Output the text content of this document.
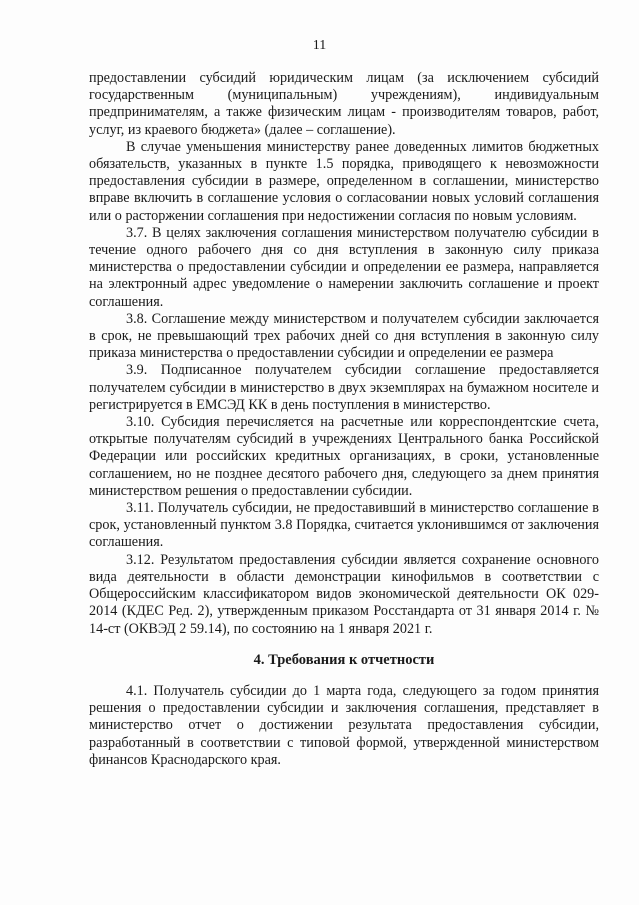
11

предоставлении субсидий юридическим лицам (за исключением субсидий государственным (муниципальным) учреждениям), индивидуальным предпринимателям, а также физическим лицам - производителям товаров, работ, услуг, из краевого бюджета» (далее – соглашение).

В случае уменьшения министерству ранее доведенных лимитов бюджетных обязательств, указанных в пункте 1.5 порядка, приводящего к невозможности предоставления субсидии в размере, определенном в соглашении, министерство вправе включить в соглашение условия о согласовании новых условий соглашения или о расторжении соглашения при недостижении согласия по новым условиям.

3.7. В целях заключения соглашения министерством получателю субсидии в течение одного рабочего дня со дня вступления в законную силу приказа министерства о предоставлении субсидии и определении ее размера, направляется на электронный адрес уведомление о намерении заключить соглашение и проект соглашения.

3.8. Соглашение между министерством и получателем субсидии заключается в срок, не превышающий трех рабочих дней со дня вступления в законную силу приказа министерства о предоставлении субсидии и определении ее размера

3.9. Подписанное получателем субсидии соглашение предоставляется получателем субсидии в министерство в двух экземплярах на бумажном носителе и регистрируется в ЕМСЭД КК в день поступления в министерство.

3.10. Субсидия перечисляется на расчетные или корреспондентские счета, открытые получателям субсидий в учреждениях Центрального банка Российской Федерации или российских кредитных организациях, в сроки, установленные соглашением, но не позднее десятого рабочего дня, следующего за днем принятия министерством решения о предоставлении субсидии.

3.11. Получатель субсидии, не предоставивший в министерство соглашение в срок, установленный пунктом 3.8 Порядка, считается уклонившимся от заключения соглашения.

3.12. Результатом предоставления субсидии является сохранение основного вида деятельности в области демонстрации кинофильмов в соответствии с Общероссийским классификатором видов экономической деятельности ОК 029-2014 (КДЕС Ред. 2), утвержденным приказом Росстандарта от 31 января 2014 г. № 14-ст (ОКВЭД 2 59.14), по состоянию на 1 января 2021 г.

4. Требования к отчетности

4.1. Получатель субсидии до 1 марта года, следующего за годом принятия решения о предоставлении субсидии и заключения соглашения, представляет в министерство отчет о достижении результата предоставления субсидии, разработанный в соответствии с типовой формой, утвержденной министерством финансов Краснодарского края.
